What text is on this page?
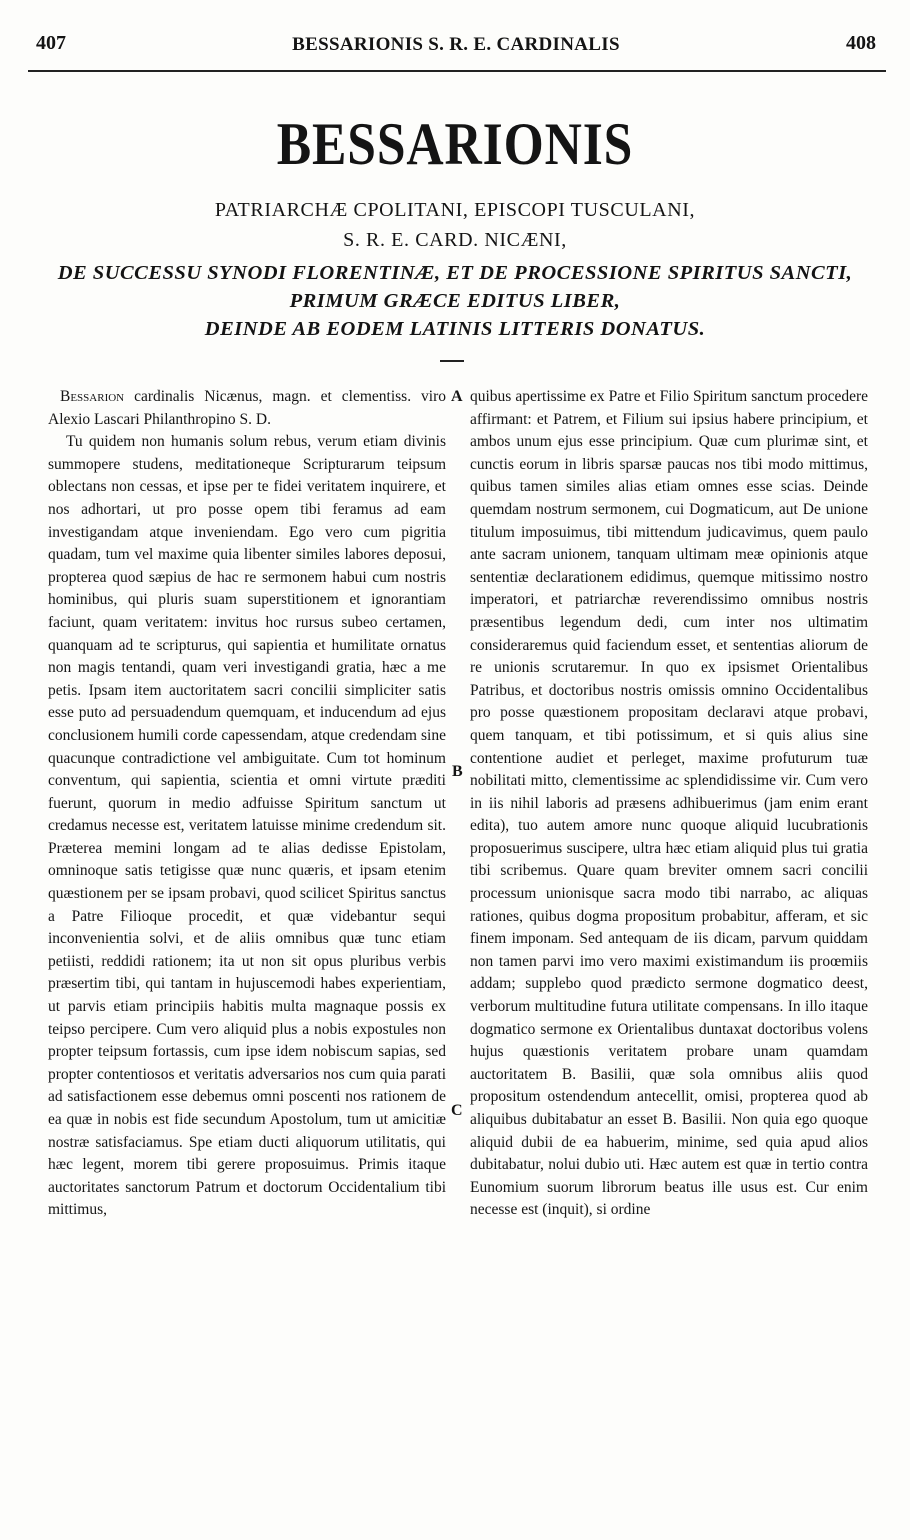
407	BESSARIONIS S. R. E. CARDINALIS	408
BESSARIONIS
PATRIARCHÆ CPOLITANI, EPISCOPI TUSCULANI,
S. R. E. CARD. NICÆNI,
DE SUCCESSU SYNODI FLORENTINÆ, ET DE PROCESSIONE SPIRITUS SANCTI,
PRIMUM GRÆCE EDITUS LIBER,
DEINDE AB EODEM LATINIS LITTERIS DONATUS.

Bessarion cardinalis Nicænus, magn. et clementiss. viro Alexio Lascari Philanthropino S. D.

Tu quidem non humanis solum rebus, verum etiam divinis summopere studens, meditationeque Scripturarum teipsum oblectans non cessas, et ipse per te fidei veritatem inquirere, et nos adhortari, ut pro posse opem tibi feramus ad eam investigandam atque inveniendam. Ego vero cum pigritia quadam, tum vel maxime quia libenter similes labores deposui, propterea quod sæpius de hac re sermonem habui cum nostris hominibus, qui pluris suam superstitionem et ignorantiam faciunt, quam veritatem: invitus hoc rursus subeo certamen, quanquam ad te scripturus, qui sapientia et humilitate ornatus non magis tentandi, quam veri investigandi gratia, hæc a me petis. Ipsam item auctoritatem sacri concilii simpliciter satis esse puto ad persuadendum quemquam, et inducendum ad ejus conclusionem humili corde capessendam, atque credendam sine quacunque contradictione vel ambiguitate. Cum tot hominum conventum, qui sapientia, scientia et omni virtute præditi fuerunt, quorum in medio adfuisse Spiritum sanctum ut credamus necesse est, veritatem latuisse minime credendum sit. Præterea memini longam ad te alias dedisse Epistolam, omninoque satis tetigisse quæ nunc quæris, et ipsam etenim quæstionem per se ipsam probavi, quod scilicet Spiritus sanctus a Patre Filioque procedit, et quæ videbantur sequi inconvenientia solvi, et de aliis omnibus quæ tunc etiam petiisti, reddidi rationem; ita ut non sit opus pluribus verbis præsertim tibi, qui tantam in hujuscemodi habes experientiam, ut parvis etiam principiis habitis multa magnaque possis ex teipso percipere. Cum vero aliquid plus a nobis expostules non propter teipsum fortassis, cum ipse idem nobiscum sapias, sed propter contentiosos et veritatis adversarios nos cum quia parati ad satisfactionem esse debemus omni poscenti nos rationem de ea quæ in nobis est fide secundum Apostolum, tum ut amicitiæ nostræ satisfaciamus. Spe etiam ducti aliquorum utilitatis, qui hæc legent, morem tibi gerere proposuimus. Primis itaque auctoritates sanctorum Patrum et doctorum Occidentalium tibi mittimus,

quibus apertissime ex Patre et Filio Spiritum sanctum procedere affirmant: et Patrem, et Filium sui ipsius habere principium, et ambos unum ejus esse principium. Quæ cum plurimæ sint, et cunctis eorum in libris sparsæ paucas nos tibi modo mittimus, quibus tamen similes alias etiam omnes esse scias. Deinde quemdam nostrum sermonem, cui Dogmaticum, aut De unione titulum imposuimus, tibi mittendum judicavimus, quem paulo ante sacram unionem, tanquam ultimam meæ opinionis atque sententiæ declarationem edidimus, quemque mitissimo nostro imperatori, et patriarchæ reverendissimo omnibus nostris præsentibus legendum dedi, cum inter nos ultimatim consideraremus quid faciendum esset, et sententias aliorum de re unionis scrutaremur. In quo ex ipsismet Orientalibus Patribus, et doctoribus nostris omissis omnino Occidentalibus pro posse quæstionem propositam declaravi atque probavi, quem tanquam, et tibi potissimum, et si quis alius sine contentione audiet et perleget, maxime profuturum tuæ nobilitati mitto, clementissime ac splendidissime vir. Cum vero in iis nihil laboris ad præsens adhibuerimus (jam enim erant edita), tuo autem amore nunc quoque aliquid lucubrationis proposuerimus suscipere, ultra hæc etiam aliquid plus tui gratia tibi scribemus. Quare quam breviter omnem sacri concilii processum unionisque sacra modo tibi narrabo, ac aliquas rationes, quibus dogma propositum probabitur, afferam, et sic finem imponam. Sed antequam de iis dicam, parvum quiddam non tamen parvi imo vero maximi existimandum iis proœmiis addam; supplebo quod prædicto sermone dogmatico deest, verborum multitudine futura utilitate compensans. In illo itaque dogmatico sermone ex Orientalibus duntaxat doctoribus volens hujus quæstionis veritatem probare unam quamdam auctoritatem B. Basilii, quæ sola omnibus aliis quod propositum ostendendum antecellit, omisi, propterea quod ab aliquibus dubitabatur an esset B. Basilii. Non quia ego quoque aliquid dubii de ea habuerim, minime, sed quia apud alios dubitabatur, nolui dubio uti. Hæc autem est quæ in tertio contra Eunomium suorum librorum beatus ille usus est. Cur enim necesse est (inquit), si ordine

A
B
C
